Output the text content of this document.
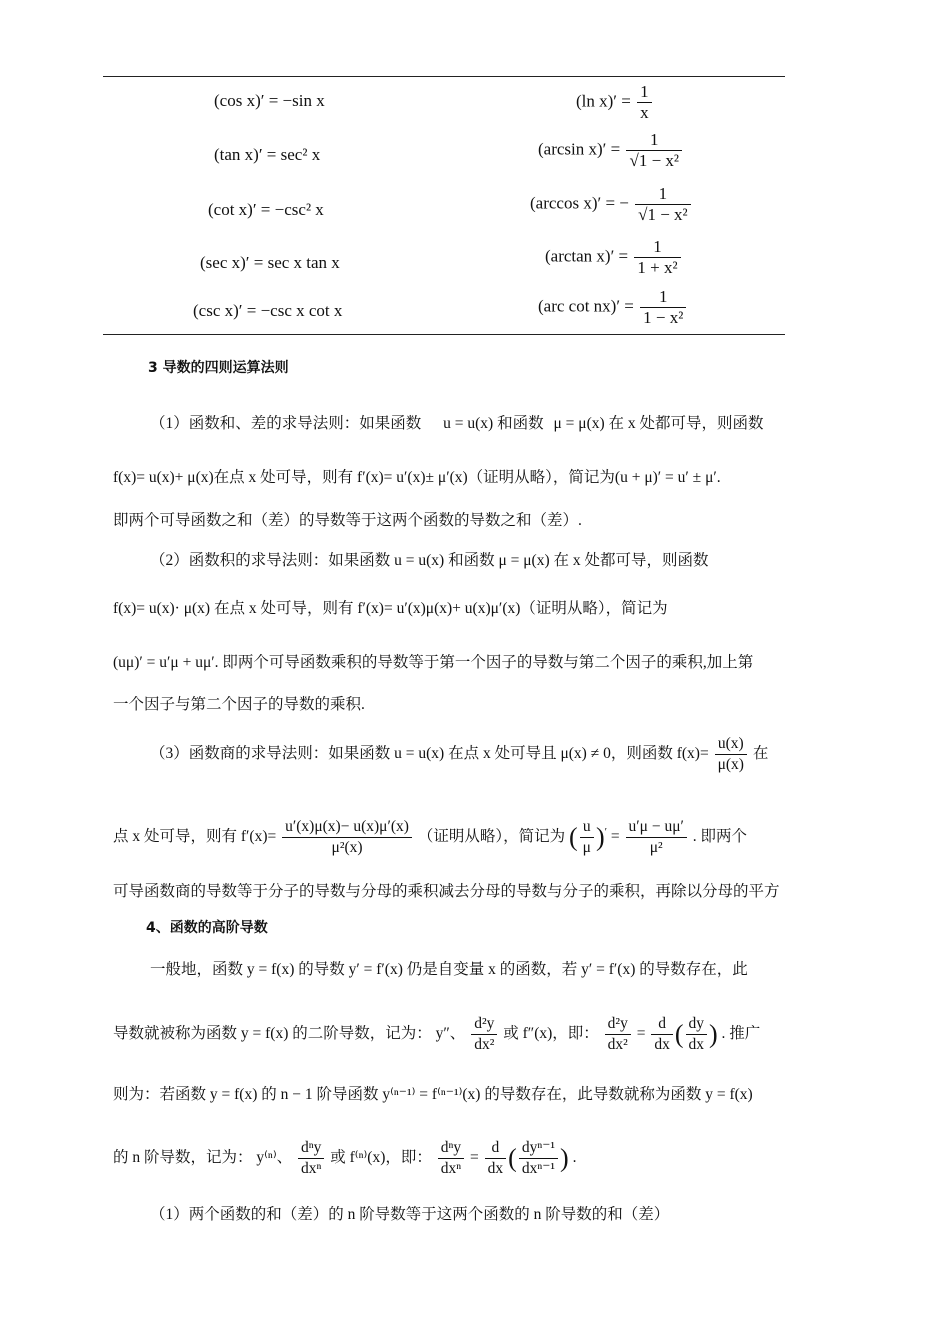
(cos x)′ = −sin x
(tan x)′ = sec² x
(cot x)′ = −csc² x
(sec x)′ = sec x tan x
(csc x)′ = −csc x cot x
(ln $x)' = \frac{1}{x}$
(arcsin $x)' = \frac{1}{\text{√1 − x²}}$
(arccos x)′ = − $\frac{1}{\text{√1 − x²}}$
(arctan $x)' = \frac{1}{\text{1 + x²}}$
(arc $\cot nx)' = \frac{1}{\text{1 − x²}}$
3 导数的四则运算法则
（1）函数和、差的求导法则：如果函数 u = u(x) 和函数 μ = μ(x) 在 x 处都可导，则函数
f(x)= u(x)+ μ(x)在点 x 处可导，则有 f′(x)= u′(x)± μ′(x)（证明从略），简记为(u + μ)′ = u′ ± μ′.
即两个可导函数之和（差）的导数等于这两个函数的导数之和（差）.
（2）函数积的求导法则：如果函数 u = u(x) 和函数 μ = μ(x) 在 x 处都可导，则函数
f(x)= u(x)· μ(x) 在点 x 处可导，则有 f′(x)= u′(x)μ(x)+ u(x)μ′(x)（证明从略），简记为
(uμ)′ = u′μ + uμ′. 即两个可导函数乘积的导数等于第一个因子的导数与第二个因子的乘积,加上第
一个因子与第二个因子的导数的乘积.
（3）函数商的求导法则：如果函数 u = u(x) 在点 x 处可导且 μ(x) ≠ 0，则函数 $f(x)= \frac{u(x)}{\mu(x)}$ 在
点 x 处可导，则有 $f'(x)= \frac{u'(x)\mu(x)- u(x)\mu'(x)}{\text{μ²(x)}}$ （证明从略），简记为 ( $\frac{u}{\mu} )' = \frac{u'\mu - u\mu'}{\text{μ²}}$ . 即两个
可导函数商的导数等于分子的导数与分母的乘积减去分母的导数与分子的乘积，再除以分母的平方
4、函数的高阶导数
一般地，函数 y = f(x) 的导数 y′ = f′(x) 仍是自变量 x 的函数，若 y′ = f′(x) 的导数存在，此
导数就被称为函数 y = f(x) 的二阶导数，记为： y″、 $\frac{\text{d²y}}{\text{dx²}}$ 或 f″(x)，即： $\frac{\text{d²y}}{\text{dx²}} = \frac{d}{dx}$ ( $\frac{dy}{dx}$ ) . 推广
则为：若函数 y = f(x) 的 n − 1 阶导函数 y⁽ⁿ⁻¹⁾ = f⁽ⁿ⁻¹⁾(x) 的导数存在，此导数就称为函数 y = f(x)
的 n 阶导数，记为： y⁽ⁿ⁾、 $\frac{\text{dⁿy}}{\text{dxⁿ}}$ 或 f⁽ⁿ⁾(x)，即： $\frac{\text{dⁿy}}{\text{dxⁿ}} = \frac{d}{dx}$ ( $\frac{\text{dyⁿ⁻¹}}{\text{dxⁿ⁻¹}}$ ) .
（1）两个函数的和（差）的 n 阶导数等于这两个函数的 n 阶导数的和（差）
